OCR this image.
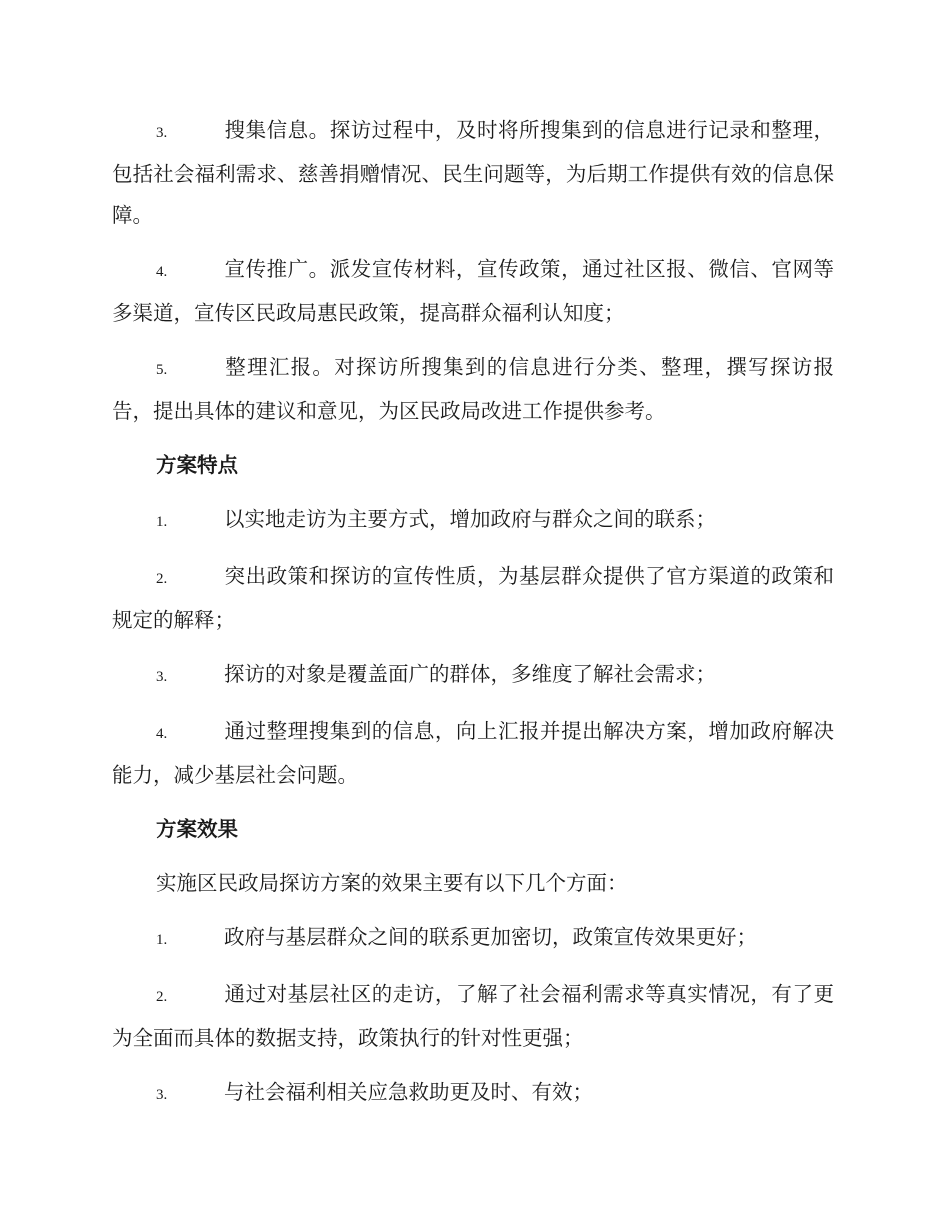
3.	搜集信息。探访过程中，及时将所搜集到的信息进行记录和整理，包括社会福利需求、慈善捐赠情况、民生问题等，为后期工作提供有效的信息保障。

4.	宣传推广。派发宣传材料，宣传政策，通过社区报、微信、官网等多渠道，宣传区民政局惠民政策，提高群众福利认知度；

5.	整理汇报。对探访所搜集到的信息进行分类、整理，撰写探访报告，提出具体的建议和意见，为区民政局改进工作提供参考。

方案特点

1.	以实地走访为主要方式，增加政府与群众之间的联系；

2.	突出政策和探访的宣传性质，为基层群众提供了官方渠道的政策和规定的解释；

3.	探访的对象是覆盖面广的群体，多维度了解社会需求；

4.	通过整理搜集到的信息，向上汇报并提出解决方案，增加政府解决能力，减少基层社会问题。

方案效果

实施区民政局探访方案的效果主要有以下几个方面：

1.	政府与基层群众之间的联系更加密切，政策宣传效果更好；

2.	通过对基层社区的走访，了解了社会福利需求等真实情况，有了更为全面而具体的数据支持，政策执行的针对性更强；

3.	与社会福利相关应急救助更及时、有效；
